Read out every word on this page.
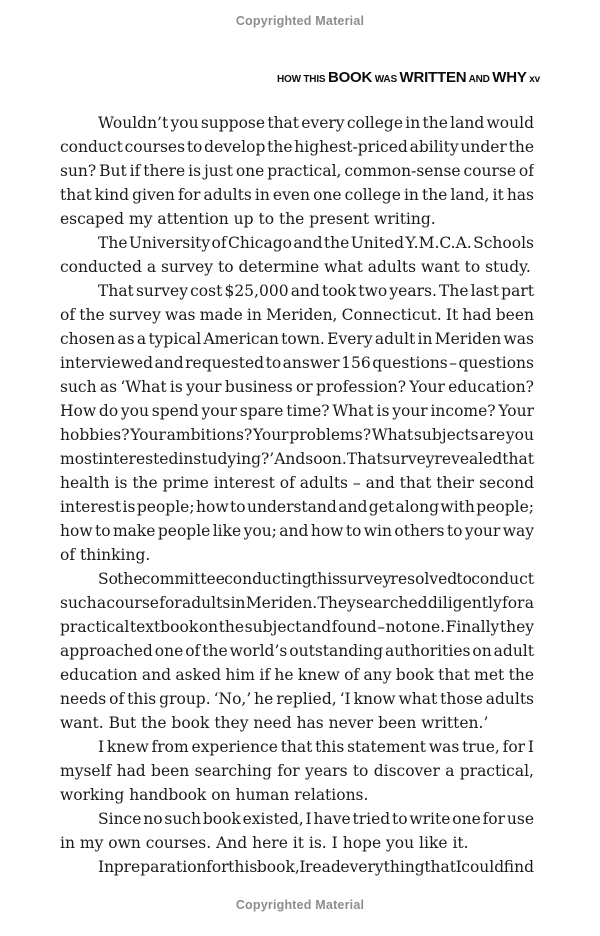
Copyrighted Material
HOW THIS BOOK WAS WRITTEN AND WHY xv
Wouldn’t you suppose that every college in the land would
conduct courses to develop the highest-priced ability under the
sun? But if there is just one practical, common-sense course of
that kind given for adults in even one college in the land, it has
escaped my attention up to the present writing.
The University of Chicago and the United Y.M.C.A. Schools
conducted a survey to determine what adults want to study.
That survey cost $25,000 and took two years. The last part
of the survey was made in Meriden, Connecticut. It had been
chosen as a typical American town. Every adult in Meriden was
interviewed and requested to answer 156 questions – questions
such as ‘What is your business or profession? Your education?
How do you spend your spare time? What is your income? Your
hobbies? Your ambitions? Your problems? What subjects are you
most interested in studying?’ And so on. That survey revealed that
health is the prime interest of adults – and that their second
interest is people; how to understand and get along with people;
how to make people like you; and how to win others to your way
of thinking.
So the committee conducting this survey resolved to conduct
such a course for adults in Meriden. They searched diligently for a
practical textbook on the subject and found – not one. Finally they
approached one of the world’s outstanding authorities on adult
education and asked him if he knew of any book that met the
needs of this group. ‘No,’ he replied, ‘I know what those adults
want. But the book they need has never been written.’
I knew from experience that this statement was true, for I
myself had been searching for years to discover a practical,
working handbook on human relations.
Since no such book existed, I have tried to write one for use
in my own courses. And here it is. I hope you like it.
In preparation for this book, I read everything that I could find
Copyrighted Material
